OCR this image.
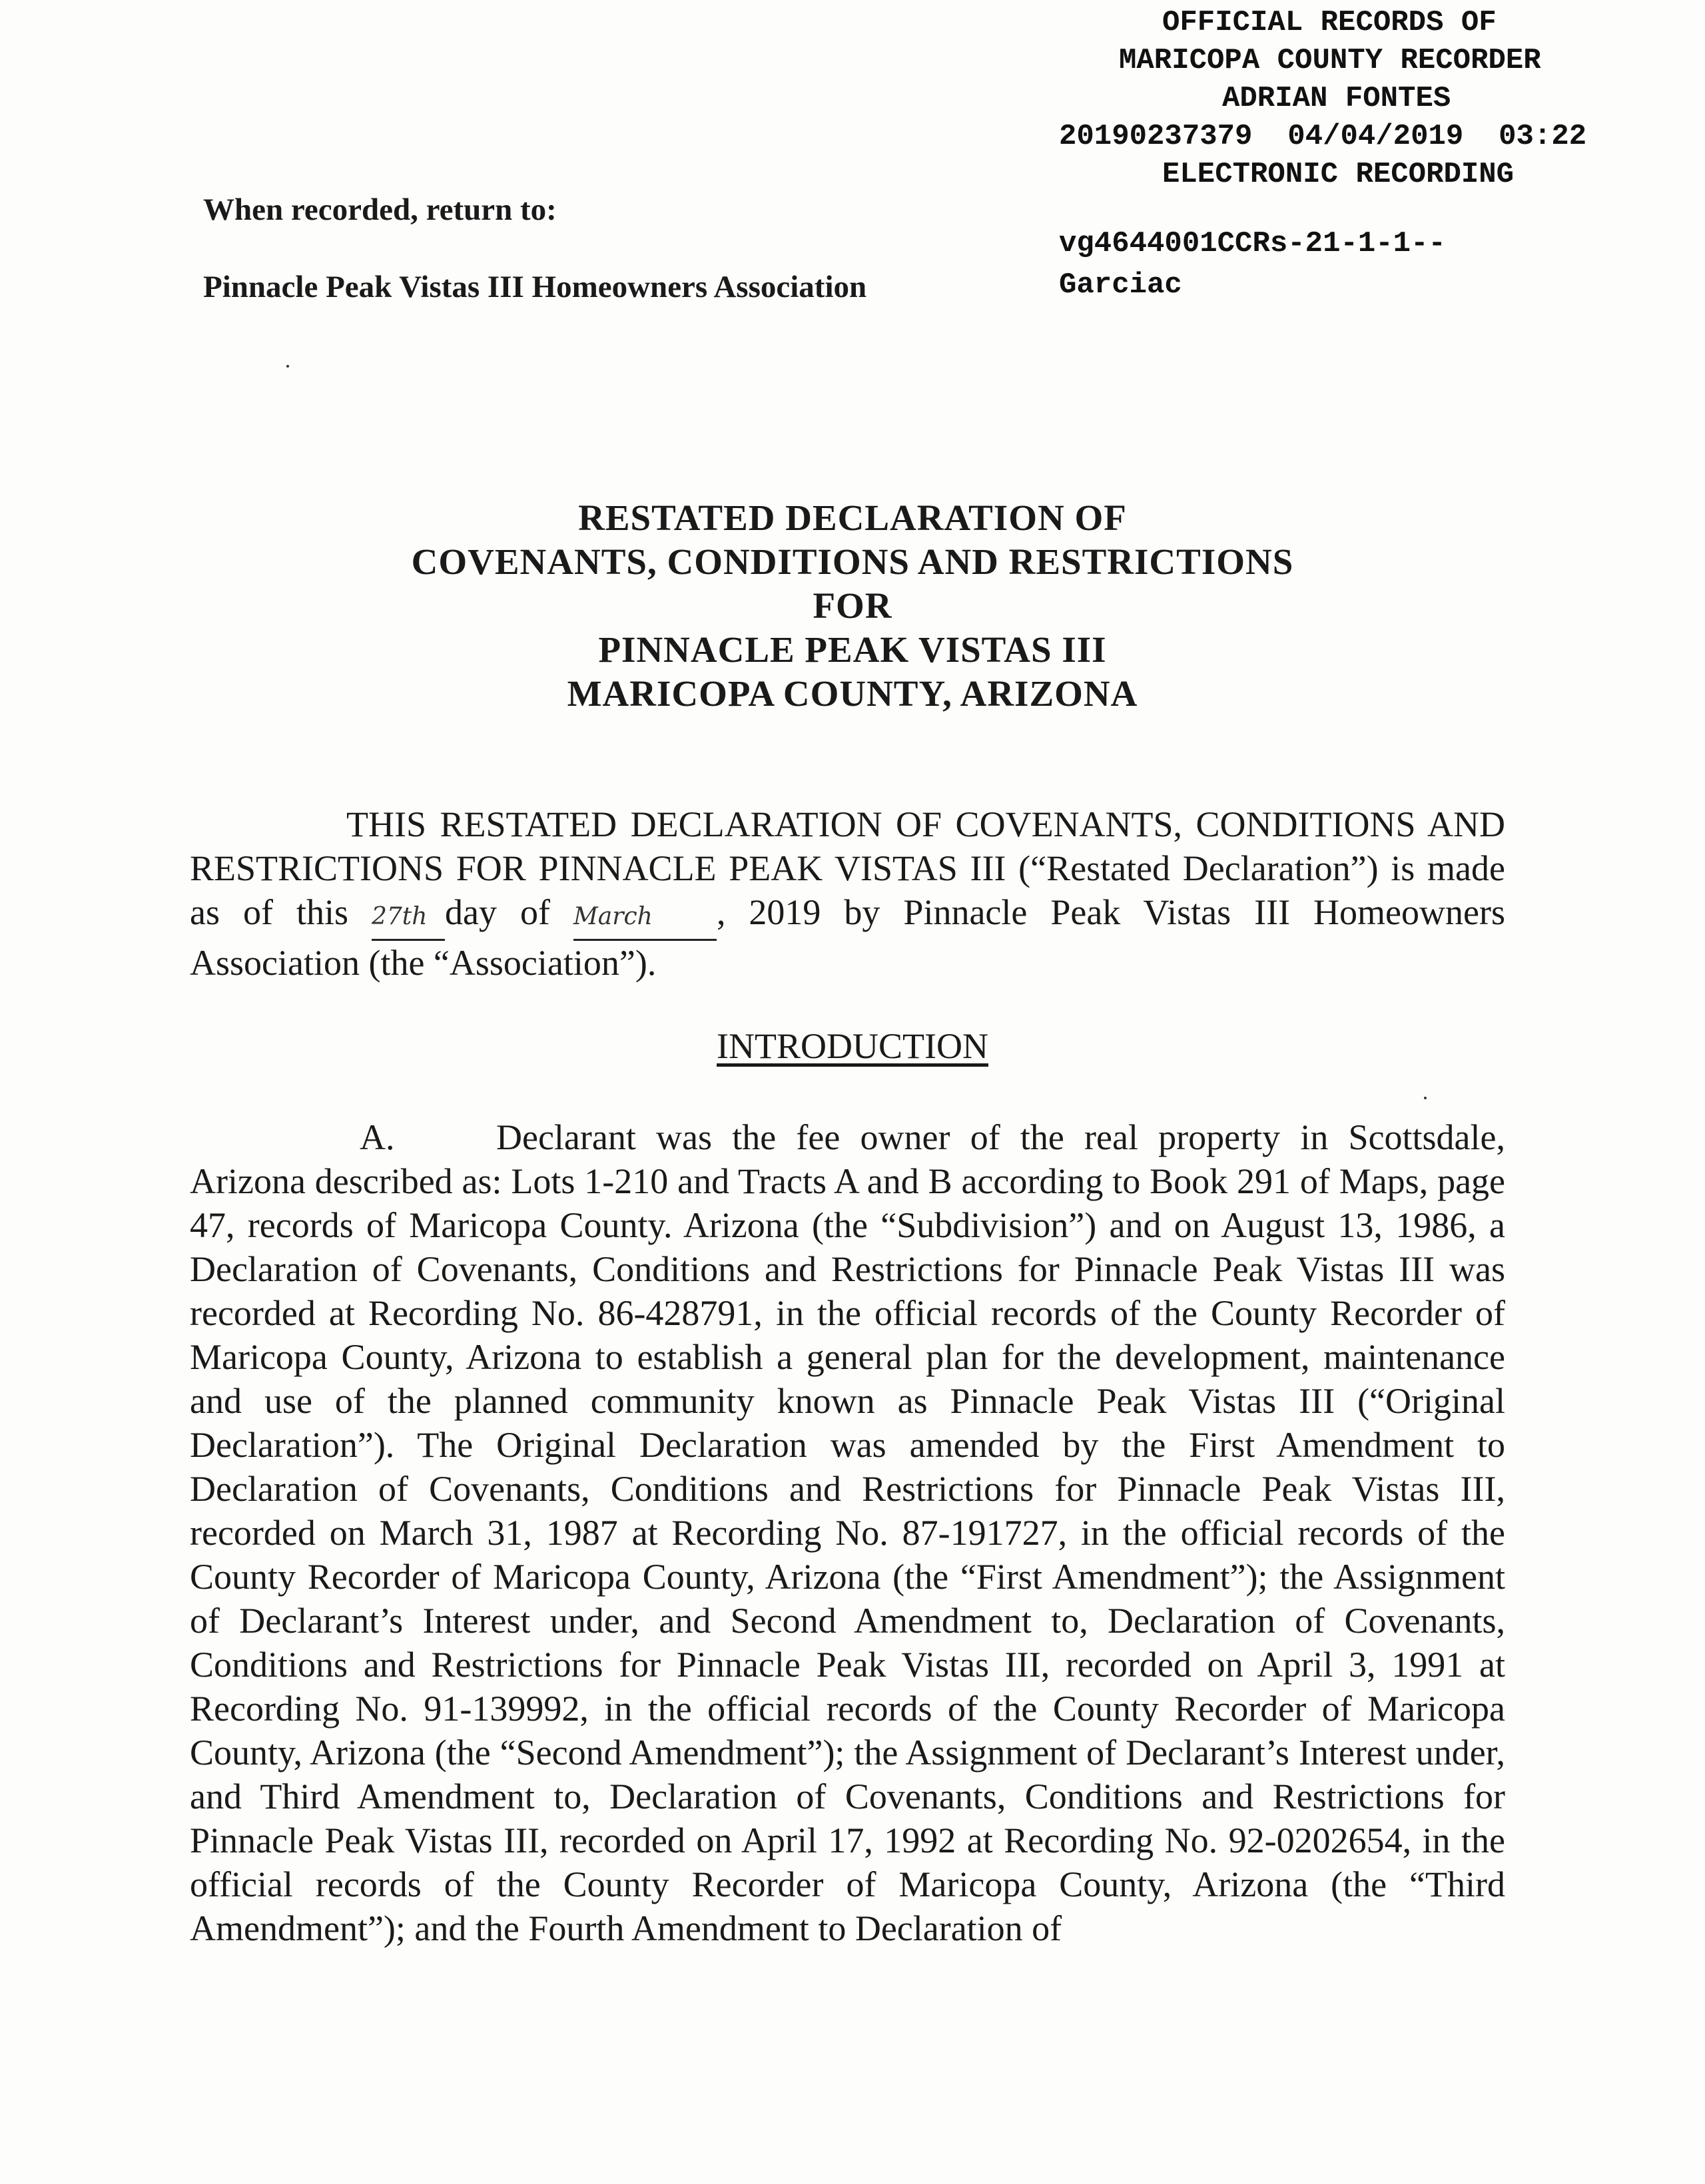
OFFICIAL RECORDS OF
MARICOPA COUNTY RECORDER
ADRIAN FONTES
20190237379  04/04/2019  03:22
ELECTRONIC RECORDING
vg4644001CCRs-21-1-1--
Garciac
When recorded, return to:
Pinnacle Peak Vistas III Homeowners Association
RESTATED DECLARATION OF
COVENANTS, CONDITIONS AND RESTRICTIONS
FOR
PINNACLE PEAK VISTAS III
MARICOPA COUNTY, ARIZONA
THIS RESTATED DECLARATION OF COVENANTS, CONDITIONS AND RESTRICTIONS FOR PINNACLE PEAK VISTAS III (“Restated Declaration”) is made as of this 27th day of March , 2019 by Pinnacle Peak Vistas III Homeowners Association (the “Association”).
INTRODUCTION
A.	Declarant was the fee owner of the real property in Scottsdale, Arizona described as: Lots 1-210 and Tracts A and B according to Book 291 of Maps, page 47, records of Maricopa County. Arizona (the “Subdivision”) and on August 13, 1986, a Declaration of Covenants, Conditions and Restrictions for Pinnacle Peak Vistas III was recorded at Recording No. 86-428791, in the official records of the County Recorder of Maricopa County, Arizona to establish a general plan for the development, maintenance and use of the planned community known as Pinnacle Peak Vistas III (“Original Declaration”). The Original Declaration was amended by the First Amendment to Declaration of Covenants, Conditions and Restrictions for Pinnacle Peak Vistas III, recorded on March 31, 1987 at Recording No. 87-191727, in the official records of the County Recorder of Maricopa County, Arizona (the “First Amendment”); the Assignment of Declarant’s Interest under, and Second Amendment to, Declaration of Covenants, Conditions and Restrictions for Pinnacle Peak Vistas III, recorded on April 3, 1991 at Recording No. 91-139992, in the official records of the County Recorder of Maricopa County, Arizona (the “Second Amendment”); the Assignment of Declarant’s Interest under, and Third Amendment to, Declaration of Covenants, Conditions and Restrictions for Pinnacle Peak Vistas III, recorded on April 17, 1992 at Recording No. 92-0202654, in the official records of the County Recorder of Maricopa County, Arizona (the “Third Amendment”); and the Fourth Amendment to Declaration of
